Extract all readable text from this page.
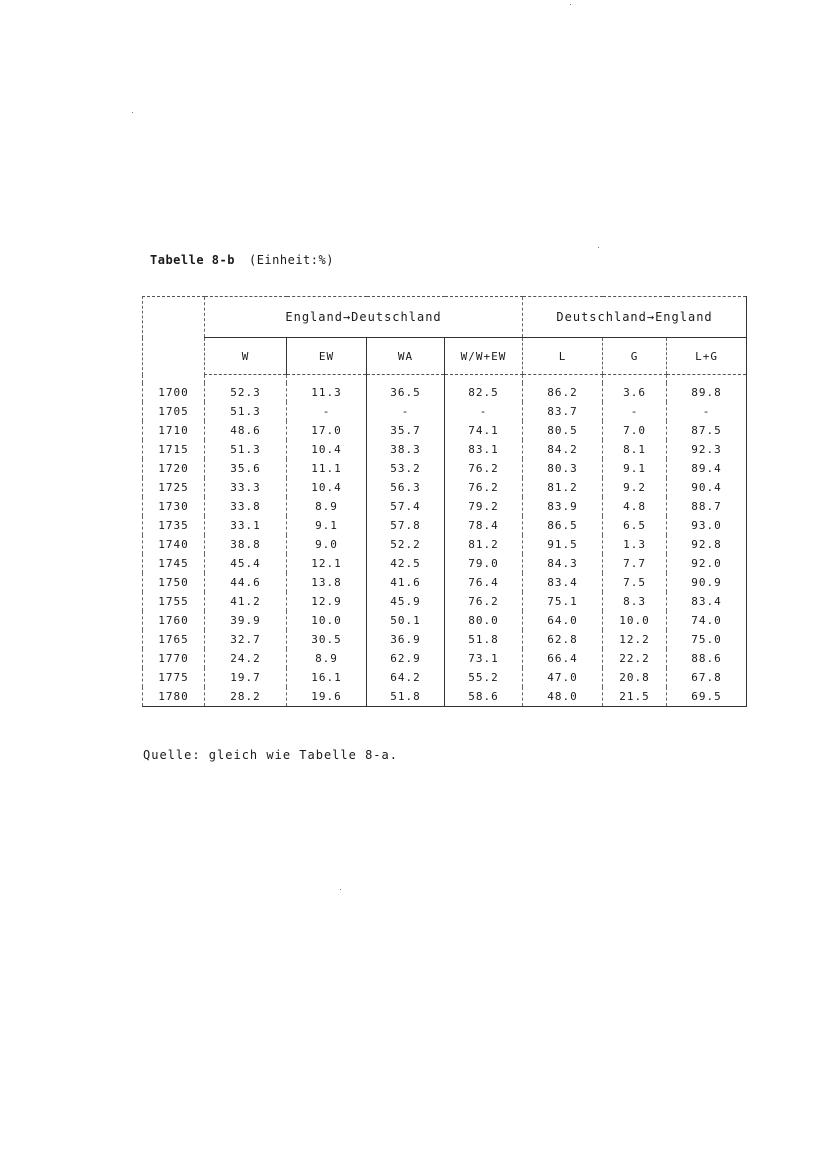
Tabelle 8-b (Einheit:%)
	England→Deutschland				Deutschland→England		
	W	EW	WA	W/W+EW	L	G	L+G

1700	52.3	11.3	36.5	82.5	86.2	3.6	89.8
1705	51.3	-	-	-	83.7	-	-
1710	48.6	17.0	35.7	74.1	80.5	7.0	87.5
1715	51.3	10.4	38.3	83.1	84.2	8.1	92.3
1720	35.6	11.1	53.2	76.2	80.3	9.1	89.4
1725	33.3	10.4	56.3	76.2	81.2	9.2	90.4
1730	33.8	8.9	57.4	79.2	83.9	4.8	88.7
1735	33.1	9.1	57.8	78.4	86.5	6.5	93.0
1740	38.8	9.0	52.2	81.2	91.5	1.3	92.8
1745	45.4	12.1	42.5	79.0	84.3	7.7	92.0
1750	44.6	13.8	41.6	76.4	83.4	7.5	90.9
1755	41.2	12.9	45.9	76.2	75.1	8.3	83.4
1760	39.9	10.0	50.1	80.0	64.0	10.0	74.0
1765	32.7	30.5	36.9	51.8	62.8	12.2	75.0
1770	24.2	8.9	62.9	73.1	66.4	22.2	88.6
1775	19.7	16.1	64.2	55.2	47.0	20.8	67.8
1780	28.2	19.6	51.8	58.6	48.0	21.5	69.5
Quelle: gleich wie Tabelle 8-a.
